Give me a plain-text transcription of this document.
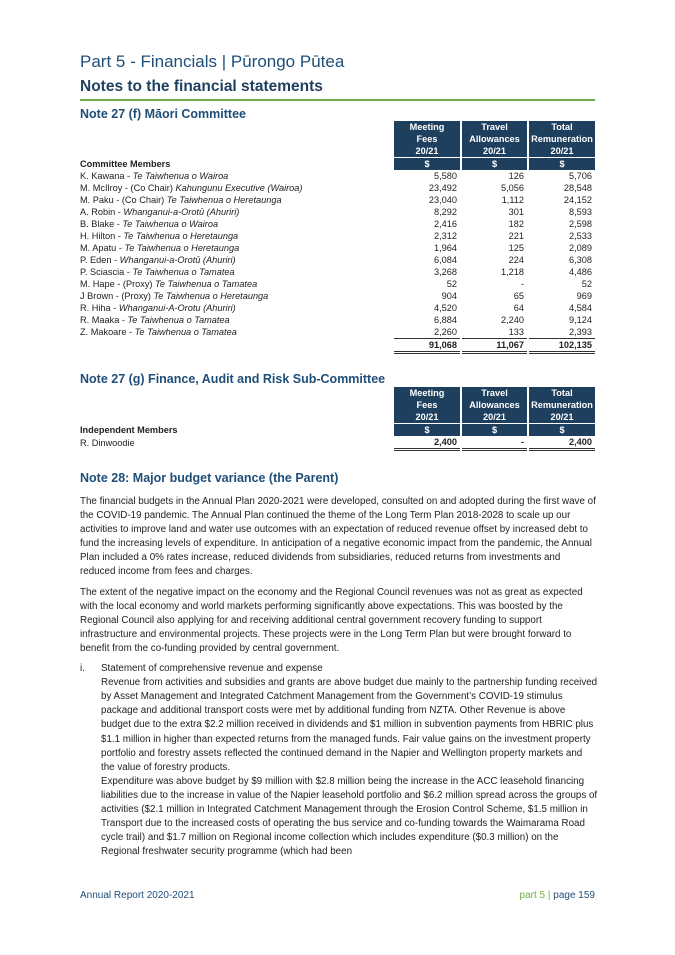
Part 5 - Financials | Pūrongo Pūtea
Notes to the financial statements
Note 27 (f) Māori Committee
		Meeting		Travel		Total
		Fees		Allowances		Remuneration
		20/21		20/21		20/21
Committee Members		$		$		$
K. Kawana - Te Taiwhenua o Wairoa		5,580		126		5,706
M. McIlroy - (Co Chair) Kahungunu Executive (Wairoa)		23,492		5,056		28,548
M. Paku - (Co Chair) Te Taiwhenua o Heretaunga		23,040		1,112		24,152
A. Robin - Whanganui-a-Orotū (Ahuriri)		8,292		301		8,593
B. Blake - Te Taiwhenua o Wairoa		2,416		182		2,598
H. Hilton - Te Taiwhenua o Heretaunga		2,312		221		2,533
M. Apatu - Te Taiwhenua o Heretaunga		1,964		125		2,089
P. Eden - Whanganui-a-Orotū (Ahuriri)		6,084		224		6,308
P. Sciascia - Te Taiwhenua o Tamatea		3,268		1,218		4,486
M. Hape - (Proxy) Te Taiwhenua o Tamatea		52		-		52
J Brown - (Proxy) Te Taiwhenua o Heretaunga		904		65		969
R. Hiha - Whanganui-A-Orotu (Ahuriri)		4,520		64		4,584
R. Maaka - Te Taiwhenua o Tamatea		6,884		2,240		9,124
Z. Makoare - Te Taiwhenua o Tamatea		2,260		133		2,393
		91,068		11,067		102,135
Note 27 (g) Finance, Audit and Risk Sub-Committee
		Meeting		Travel		Total
		Fees		Allowances		Remuneration
		20/21		20/21		20/21
Independent Members		$		$		$
R. Dinwoodie		2,400		-		2,400
Note 28: Major budget variance (the Parent)

The financial budgets in the Annual Plan 2020-2021 were developed, consulted on and adopted during the first wave of the COVID-19 pandemic. The Annual Plan continued the theme of the Long Term Plan 2018-2028 to scale up our activities to improve land and water use outcomes with an expectation of reduced revenue offset by increased debt to fund the increasing levels of expenditure. In anticipation of a negative economic impact from the pandemic, the Annual Plan included a 0% rates increase, reduced dividends from subsidiaries, reduced returns from investments and reduced income from fees and charges.

The extent of the negative impact on the economy and the Regional Council revenues was not as great as expected with the local economy and world markets performing significantly above expectations. This was boosted by the Regional Council also applying for and receiving additional central government recovery funding to support infrastructure and environmental projects. These projects were in the Long Term Plan but were brought forward to benefit from the co-funding provided by central government.

i. Statement of comprehensive revenue and expense

Revenue from activities and subsidies and grants are above budget due mainly to the partnership funding received by Asset Management and Integrated Catchment Management from the Government’s COVID-19 stimulus package and additional transport costs were met by additional funding from NZTA. Other Revenue is above budget due to the extra $2.2 million received in dividends and $1 million in subvention payments from HBRIC plus $1.1 million in higher than expected returns from the managed funds. Fair value gains on the investment property portfolio and forestry assets reflected the continued demand in the Napier and Wellington property markets and the value of forestry products.

Expenditure was above budget by $9 million with $2.8 million being the increase in the ACC leasehold financing liabilities due to the increase in value of the Napier leasehold portfolio and $6.2 million spread across the groups of activities ($2.1 million in Integrated Catchment Management through the Erosion Control Scheme, $1.5 million in Transport due to the increased costs of operating the bus service and co-funding towards the Waimarama Road cycle trail) and $1.7 million on Regional income collection which includes expenditure ($0.3 million) on the Regional freshwater security programme (which had been

Annual Report 2020-2021	part 5 | page 159
